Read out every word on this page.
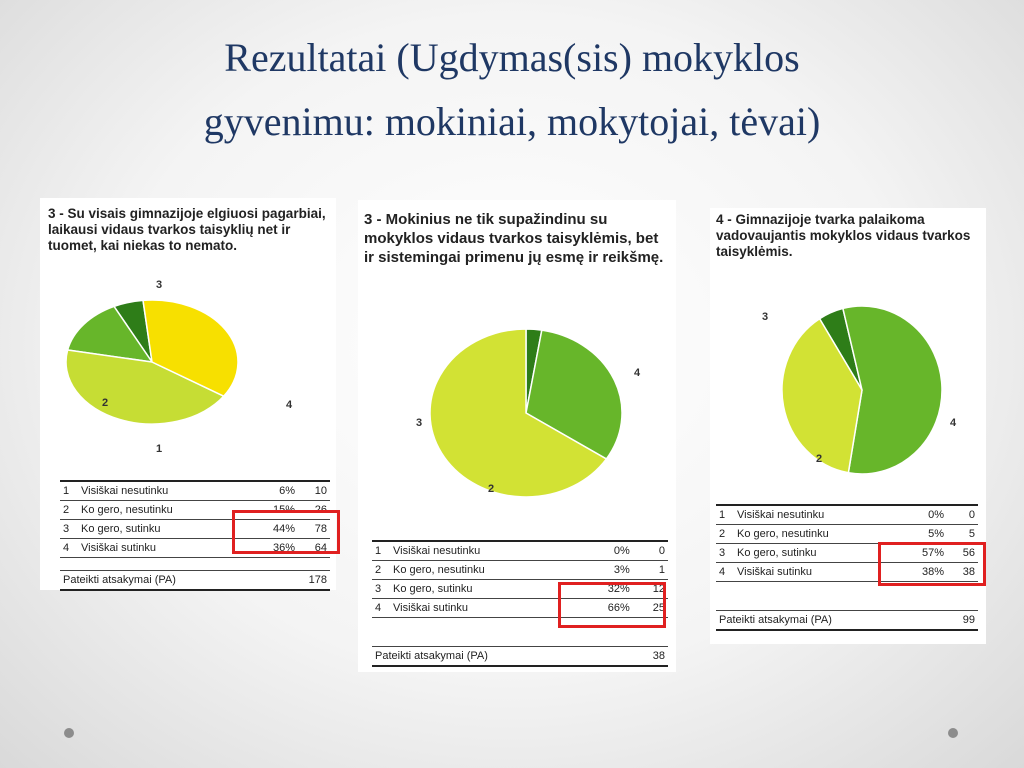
Rezultatai (Ugdymas(sis) mokyklos
gyvenimu: mokiniai, mokytojai, tėvai)

3 - Su visais gimnazijoje elgiuosi pagarbiai, laikausi vidaus tvarkos taisyklių net ir tuomet, kai niekas to nemato.

1
2
3
4
1	Visiškai nesutinku	6%	10
2	Ko gero, nesutinku	15%	26
3	Ko gero, sutinku	44%	78
4	Visiškai sutinku	36%	64
Pateikti atsakymai (PA)	178

3 - Mokinius ne tik supažindinu su mokyklos vidaus tvarkos taisyklėmis, bet ir sistemingai primenu jų esmę ir reikšmę.

2
3
4
1	Visiškai nesutinku	0%	0
2	Ko gero, nesutinku	3%	1
3	Ko gero, sutinku	32%	12
4	Visiškai sutinku	66%	25
Pateikti atsakymai (PA)	38

4 - Gimnazijoje tvarka palaikoma vadovaujantis mokyklos vidaus tvarkos taisyklėmis.

2
3
4
1	Visiškai nesutinku	0%	0
2	Ko gero, nesutinku	5%	5
3	Ko gero, sutinku	57%	56
4	Visiškai sutinku	38%	38
Pateikti atsakymai (PA)	99
